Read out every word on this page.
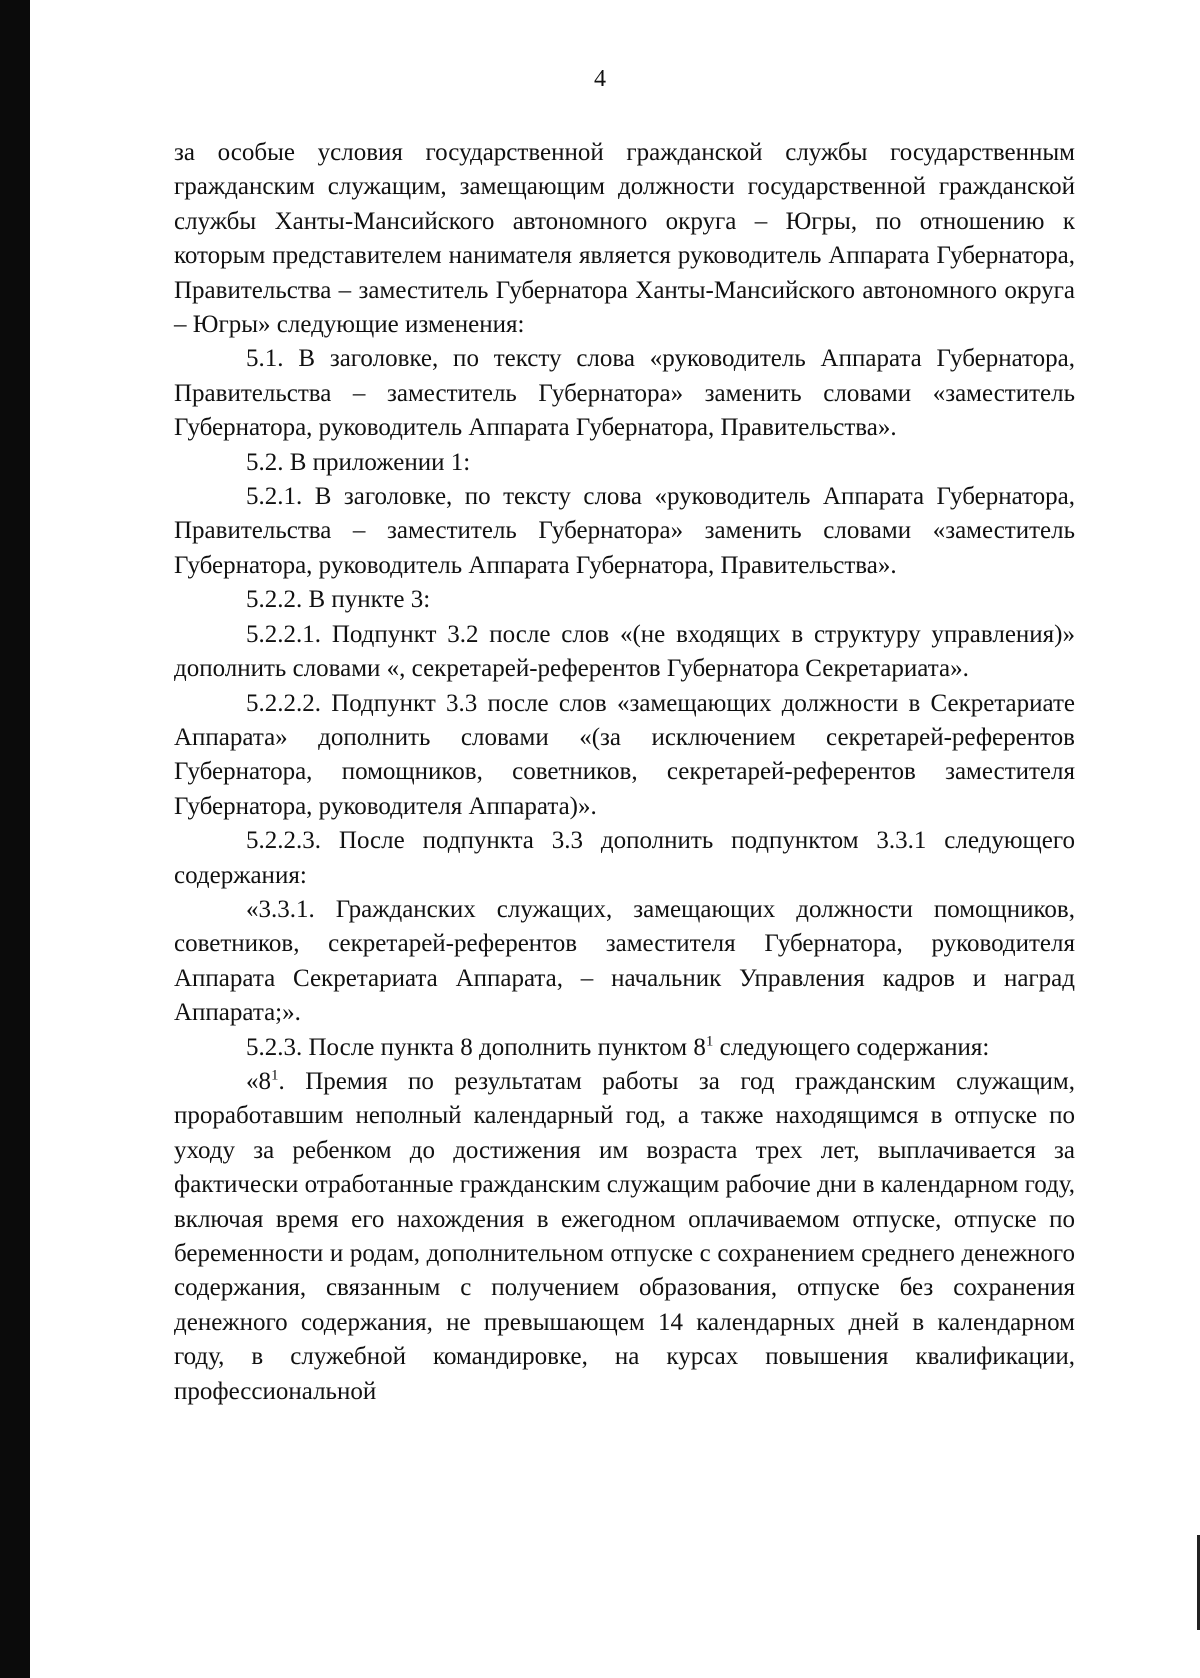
4

за особые условия государственной гражданской службы государственным гражданским служащим, замещающим должности государственной гражданской службы Ханты-Мансийского автономного округа – Югры, по отношению к которым представителем нанимателя является руководитель Аппарата Губернатора, Правительства – заместитель Губернатора Ханты-Мансийского автономного округа – Югры» следующие изменения:

5.1. В заголовке, по тексту слова «руководитель Аппарата Губернатора, Правительства – заместитель Губернатора» заменить словами «заместитель Губернатора, руководитель Аппарата Губернатора, Правительства».

5.2. В приложении 1:

5.2.1. В заголовке, по тексту слова «руководитель Аппарата Губернатора, Правительства – заместитель Губернатора» заменить словами «заместитель Губернатора, руководитель Аппарата Губернатора, Правительства».

5.2.2. В пункте 3:

5.2.2.1. Подпункт 3.2 после слов «(не входящих в структуру управления)» дополнить словами «, секретарей-референтов Губернатора Секретариата».

5.2.2.2. Подпункт 3.3 после слов «замещающих должности в Секретариате Аппарата» дополнить словами «(за исключением секретарей-референтов Губернатора, помощников, советников, секретарей-референтов заместителя Губернатора, руководителя Аппарата)».

5.2.2.3. После подпункта 3.3 дополнить подпунктом 3.3.1 следующего содержания:

«3.3.1. Гражданских служащих, замещающих должности помощников, советников, секретарей-референтов заместителя Губернатора, руководителя Аппарата Секретариата Аппарата, – начальник Управления кадров и наград Аппарата;».

5.2.3. После пункта 8 дополнить пунктом $8^1$ следующего содержания:

«$8^1$. Премия по результатам работы за год гражданским служащим, проработавшим неполный календарный год, а также находящимся в отпуске по уходу за ребенком до достижения им возраста трех лет, выплачивается за фактически отработанные гражданским служащим рабочие дни в календарном году, включая время его нахождения в ежегодном оплачиваемом отпуске, отпуске по беременности и родам, дополнительном отпуске с сохранением среднего денежного содержания, связанным с получением образования, отпуске без сохранения денежного содержания, не превышающем 14 календарных дней в календарном году, в служебной командировке, на курсах повышения квалификации, профессиональной
